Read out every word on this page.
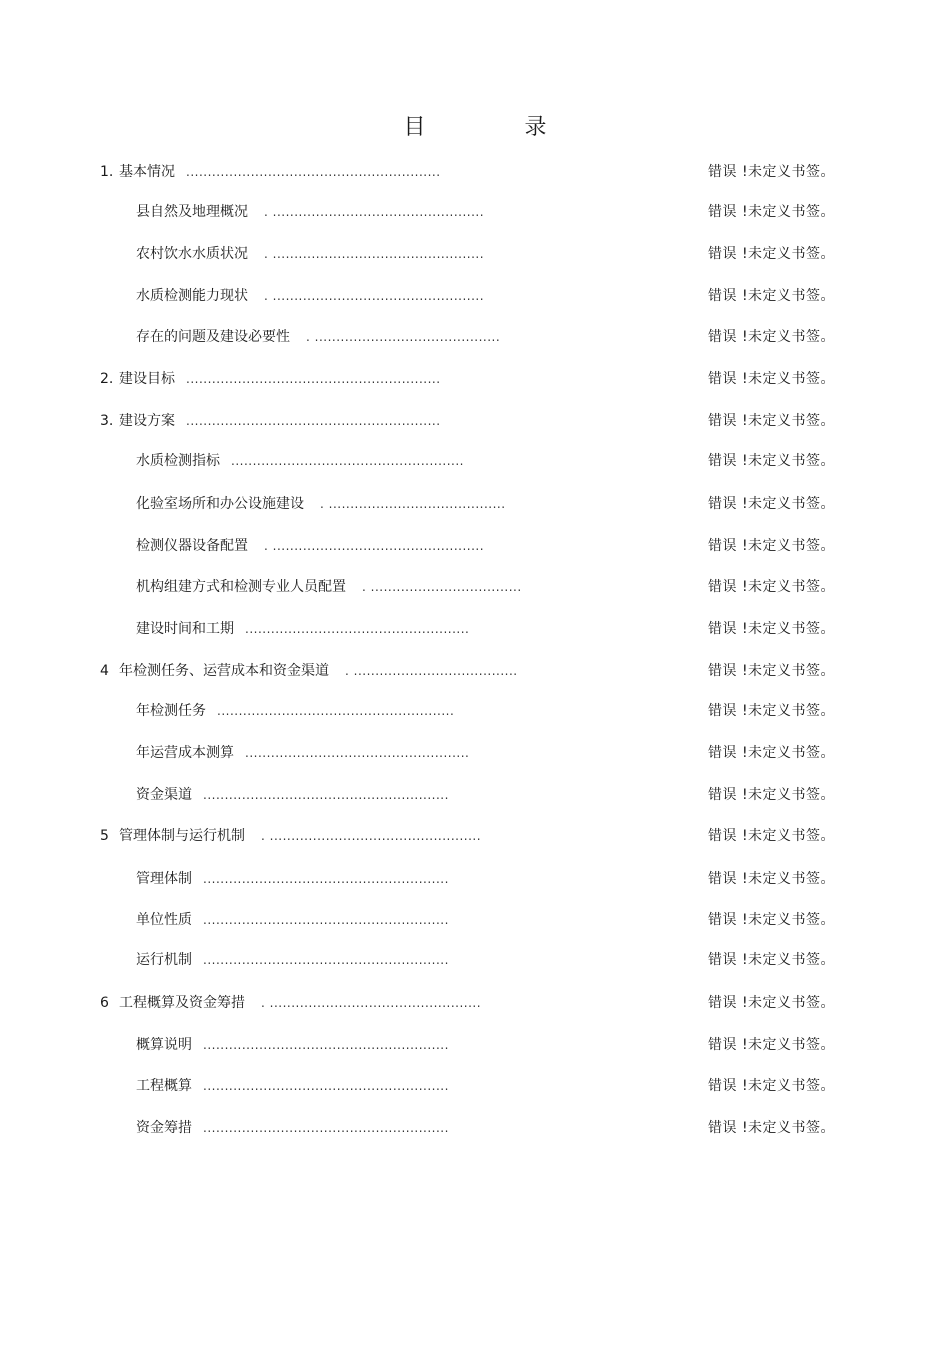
目 录
1. 基本情况 ...........................................................	错误 !未定义书签。
县自然及地理概况 . .................................................	错误 !未定义书签。
农村饮水水质状况 . .................................................	错误 !未定义书签。
水质检测能力现状 . .................................................	错误 !未定义书签。
存在的问题及建设必要性 . ...........................................	错误 !未定义书签。
2. 建设目标 ...........................................................	错误 !未定义书签。
3. 建设方案 ...........................................................	错误 !未定义书签。
水质检测指标 ......................................................	错误 !未定义书签。
化验室场所和办公设施建设 . .........................................	错误 !未定义书签。
检测仪器设备配置 . .................................................	错误 !未定义书签。
机构组建方式和检测专业人员配置 . ...................................	错误 !未定义书签。
建设时间和工期 ....................................................	错误 !未定义书签。
4 年检测任务、运营成本和资金渠道 . ......................................	错误 !未定义书签。
年检测任务 .......................................................	错误 !未定义书签。
年运营成本测算 ....................................................	错误 !未定义书签。
资金渠道 .........................................................	错误 !未定义书签。
5 管理体制与运行机制 . .................................................	错误 !未定义书签。
管理体制 .........................................................	错误 !未定义书签。
单位性质 .........................................................	错误 !未定义书签。
运行机制 .........................................................	错误 !未定义书签。
6 工程概算及资金筹措 . .................................................	错误 !未定义书签。
概算说明 .........................................................	错误 !未定义书签。
工程概算 .........................................................	错误 !未定义书签。
资金筹措 .........................................................	错误 !未定义书签。
